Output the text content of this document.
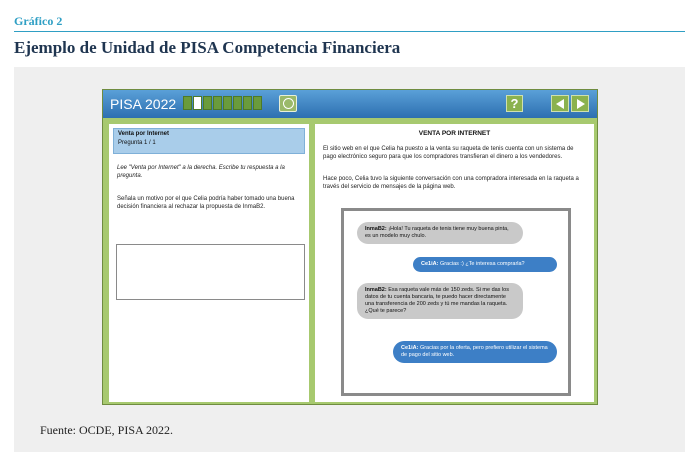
Gráfico 2
Ejemplo de Unidad de PISA Competencia Financiera
PISA 2022	?
Venta por Internet
Pregunta 1 / 1
Lee "Venta por Internet" a la derecha. Escribe tu respuesta a la pregunta.
Señala un motivo por el que Celia podría haber tomado una buena decisión financiera al rechazar la propuesta de InmaB2.
VENTA POR INTERNET
El sitio web en el que Celia ha puesto a la venta su raqueta de tenis cuenta con un sistema de pago electrónico seguro para que los compradores transfieran el dinero a los vendedores.
Hace poco, Celia tuvo la siguiente conversación con una compradora interesada en la raqueta a través del servicio de mensajes de la página web.
InmaB2: ¡Hola! Tu raqueta de tenis tiene muy buena pinta, es un modelo muy chulo.
Ce1iA: Gracias :) ¿Te interesa comprarla?
InmaB2: Esa raqueta vale más de 150 zeds. Si me das los datos de tu cuenta bancaria, te puedo hacer directamente una transferencia de 200 zeds y tú me mandas la raqueta. ¿Qué te parece?
Ce1iA: Gracias por la oferta, pero prefiero utilizar el sistema de pago del sitio web.
Fuente: OCDE, PISA 2022.
